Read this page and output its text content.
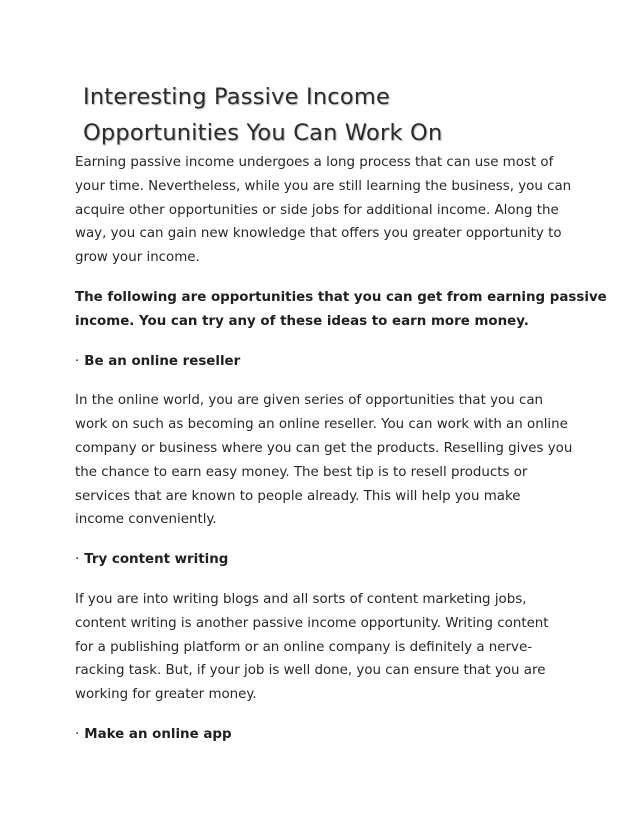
Interesting Passive Income
Opportunities You Can Work On

Earning passive income undergoes a long process that can use most of
your time. Nevertheless, while you are still learning the business, you can
acquire other opportunities or side jobs for additional income. Along the
way, you can gain new knowledge that offers you greater opportunity to
grow your income.

The following are opportunities that you can get from earning passive
income. You can try any of these ideas to earn more money.

· Be an online reseller

In the online world, you are given series of opportunities that you can
work on such as becoming an online reseller. You can work with an online
company or business where you can get the products. Reselling gives you
the chance to earn easy money. The best tip is to resell products or
services that are known to people already. This will help you make
income conveniently.

· Try content writing

If you are into writing blogs and all sorts of content marketing jobs,
content writing is another passive income opportunity. Writing content
for a publishing platform or an online company is definitely a nerve-
racking task. But, if your job is well done, you can ensure that you are
working for greater money.

· Make an online app
